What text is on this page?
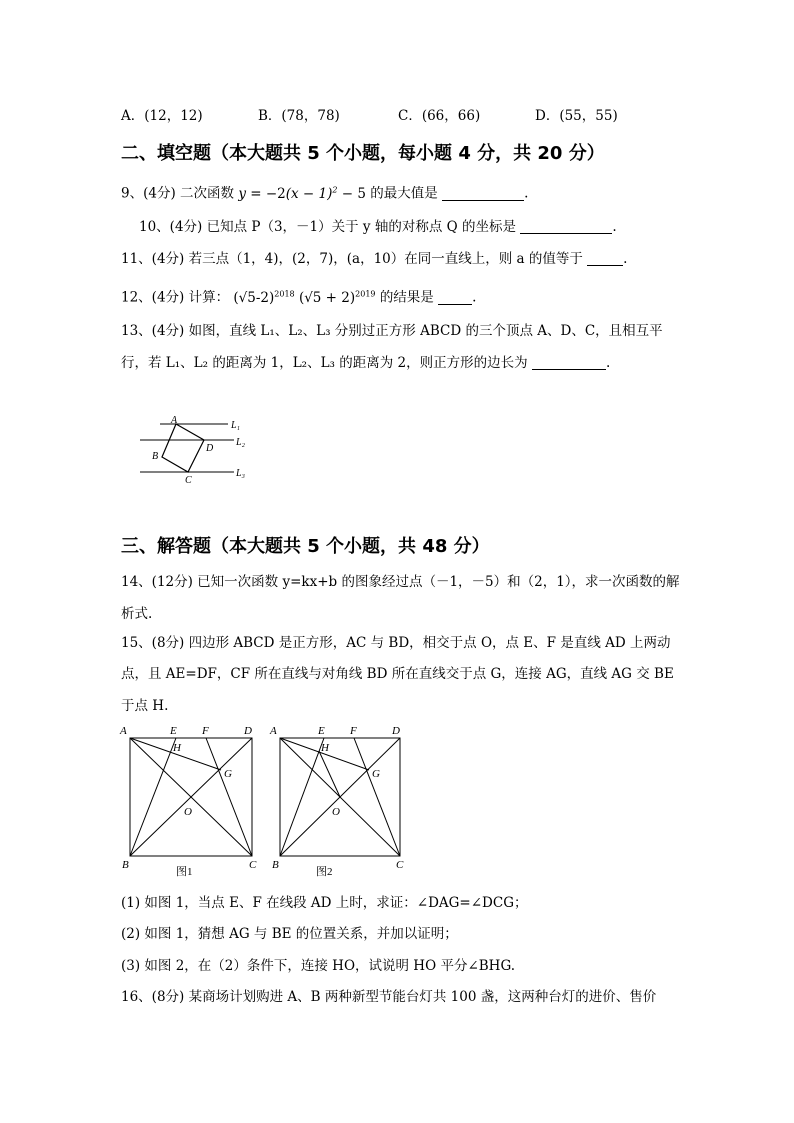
A．(12，12)	B．(78，78)	C．(66，66)	D．(55，55)
二、填空题（本大题共 5 个小题，每小题 4 分，共 20 分）
9、(4分) 二次函数 $y = -2(x - 1)^2 - 5$ 的最大值是	.
10、(4分) 已知点 P（3，－1）关于 y 轴的对称点 Q 的坐标是	.
11、(4分) 若三点（1，4)，(2，7)，(a，10）在同一直线上，则 a 的值等于	.
12、(4分) 计算： $(√5-2)^{2018}$ $(√5 + 2)^{2019}$ 的结果是	.
13、(4分) 如图，直线 L₁、L₂、L₃ 分别过正方形 ABCD 的三个顶点 A、D、C，且相互平
行，若 L₁、L₂ 的距离为 1，L₂、L₃ 的距离为 2，则正方形的边长为	.
A
D
B
C
L₁
L₂
L₃
三、解答题（本大题共 5 个小题，共 48 分）
14、(12分) 已知一次函数 y=kx+b 的图象经过点（－1，－5）和（2，1），求一次函数的解
析式.
15、(8分) 四边形 ABCD 是正方形，AC 与 BD，相交于点 O，点 E、F 是直线 AD 上两动
点，且 AE=DF，CF 所在直线与对角线 BD 所在直线交于点 G，连接 AG，直线 AG 交 BE
于点 H.
A	E F	D
H
G
O
B	C
图1
A	E F	D
H
G
O
B	C
图2
(1) 如图 1，当点 E、F 在线段 AD 上时，求证：∠DAG=∠DCG；
(2) 如图 1，猜想 AG 与 BE 的位置关系，并加以证明；
(3) 如图 2，在（2）条件下，连接 HO，试说明 HO 平分∠BHG.
16、(8分) 某商场计划购进 A、B 两种新型节能台灯共 100 盏，这两种台灯的进价、售价
